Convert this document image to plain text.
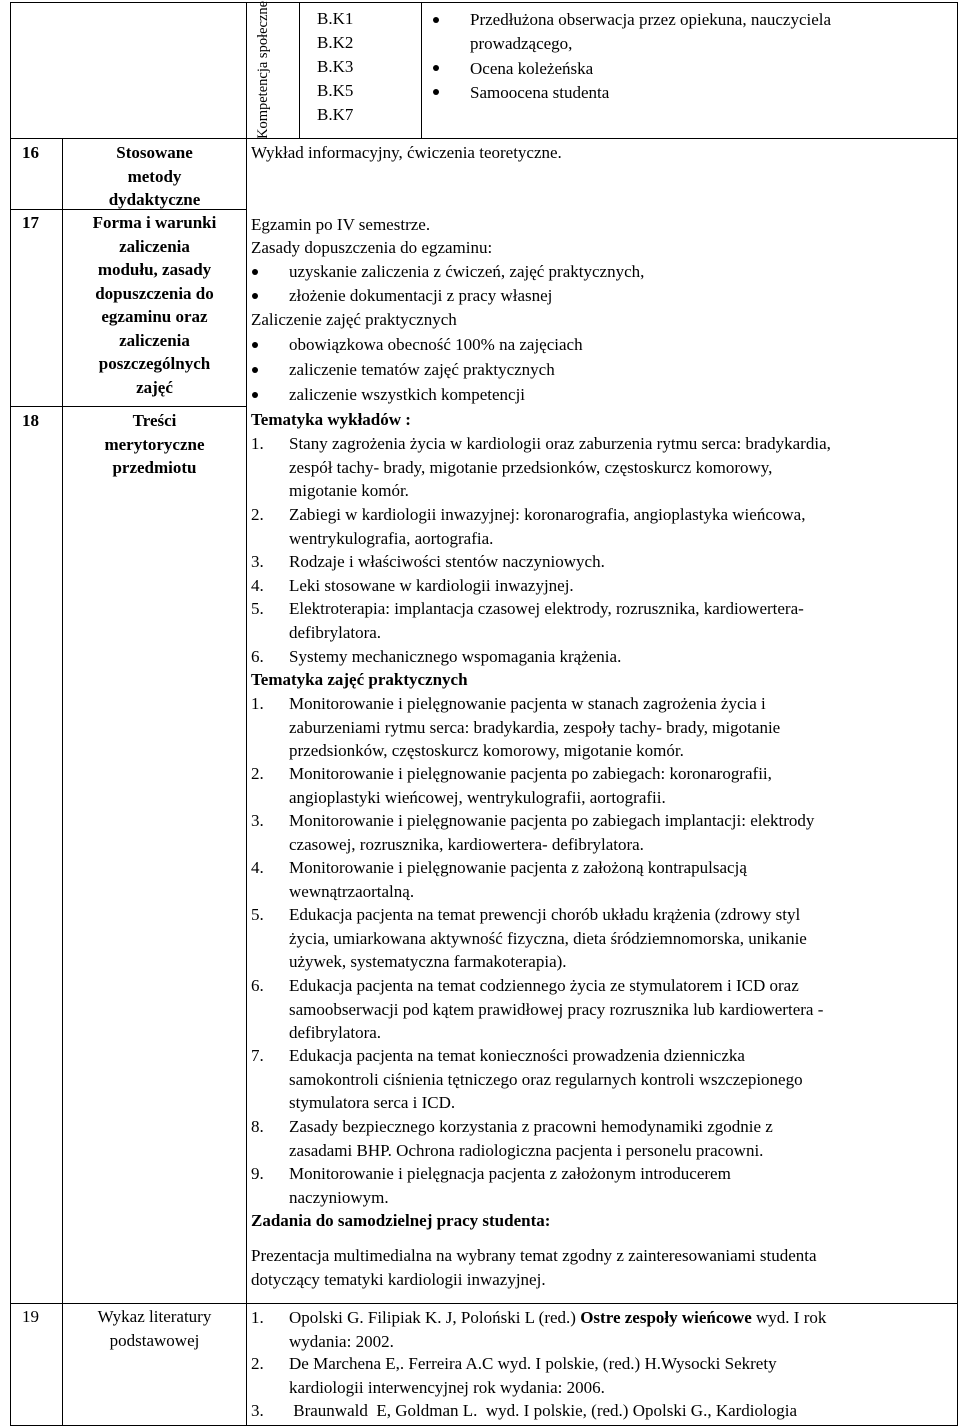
Kompetencja społeczne	B.K1
B.K2
B.K3
B.K5
B.K7
Przedłużona obserwacja przez opiekuna, nauczyciela
prowadzącego,
Ocena koleżeńska
Samoocena studenta
16
17
18
19
Stosowane
metody
dydaktyczne
Forma i warunki
zaliczenia
modułu, zasady
dopuszczenia do
egzaminu oraz
zaliczenia
poszczególnych
zajęć
Treści
merytoryczne
przedmiotu
Wykaz literatury
podstawowej
Wykład informacyjny, ćwiczenia teoretyczne.
Egzamin po IV semestrze.
Zasady dopuszczenia do egzaminu:
uzyskanie zaliczenia z ćwiczeń, zajęć praktycznych,
złożenie dokumentacji z pracy własnej
Zaliczenie zajęć praktycznych
obowiązkowa obecność 100% na zajęciach
zaliczenie tematów zajęć praktycznych
zaliczenie wszystkich kompetencji
Tematyka wykładów :
1. Stany zagrożenia życia w kardiologii oraz zaburzenia rytmu serca: bradykardia,
zespół tachy- brady, migotanie przedsionków, częstoskurcz komorowy,
migotanie komór.
2. Zabiegi w kardiologii inwazyjnej: koronarografia, angioplastyka wieńcowa,
wentrykulografia, aortografia.
3. Rodzaje i właściwości stentów naczyniowych.
4. Leki stosowane w kardiologii inwazyjnej.
5. Elektroterapia: implantacja czasowej elektrody, rozrusznika, kardiowertera-
defibrylatora.
6. Systemy mechanicznego wspomagania krążenia.
Tematyka zajęć praktycznych
1. Monitorowanie i pielęgnowanie pacjenta w stanach zagrożenia życia i
zaburzeniami rytmu serca: bradykardia, zespoły tachy- brady, migotanie
przedsionków, częstoskurcz komorowy, migotanie komór.
2. Monitorowanie i pielęgnowanie pacjenta po zabiegach: koronarografii,
angioplastyki wieńcowej, wentrykulografii, aortografii.
3. Monitorowanie i pielęgnowanie pacjenta po zabiegach implantacji: elektrody
czasowej, rozrusznika, kardiowertera- defibrylatora.
4. Monitorowanie i pielęgnowanie pacjenta z założoną kontrapulsacją
wewnątrzaortalną.
5. Edukacja pacjenta na temat prewencji chorób układu krążenia (zdrowy styl
życia, umiarkowana aktywność fizyczna, dieta śródziemnomorska, unikanie
używek, systematyczna farmakoterapia).
6. Edukacja pacjenta na temat codziennego życia ze stymulatorem i ICD oraz
samoobserwacji pod kątem prawidłowej pracy rozrusznika lub kardiowertera -
defibrylatora.
7. Edukacja pacjenta na temat konieczności prowadzenia dzienniczka
samokontroli ciśnienia tętniczego oraz regularnych kontroli wszczepionego
stymulatora serca i ICD.
8. Zasady bezpiecznego korzystania z pracowni hemodynamiki zgodnie z
zasadami BHP. Ochrona radiologiczna pacjenta i personelu pracowni.
9. Monitorowanie i pielęgnacja pacjenta z założonym introducerem
naczyniowym.
Zadania do samodzielnej pracy studenta:
Prezentacja multimedialna na wybrany temat zgodny z zainteresowaniami studenta
dotyczący tematyki kardiologii inwazyjnej.
1. Opolski G. Filipiak K. J, Poloński L (red.) Ostre zespoły wieńcowe wyd. I rok
wydania: 2002.
2. De Marchena E,. Ferreira A.C wyd. I polskie, (red.) H.Wysocki Sekrety
kardiologii interwencyjnej rok wydania: 2006.
3. Braunwald  E, Goldman L.  wyd. I polskie, (red.) Opolski G., Kardiologia
